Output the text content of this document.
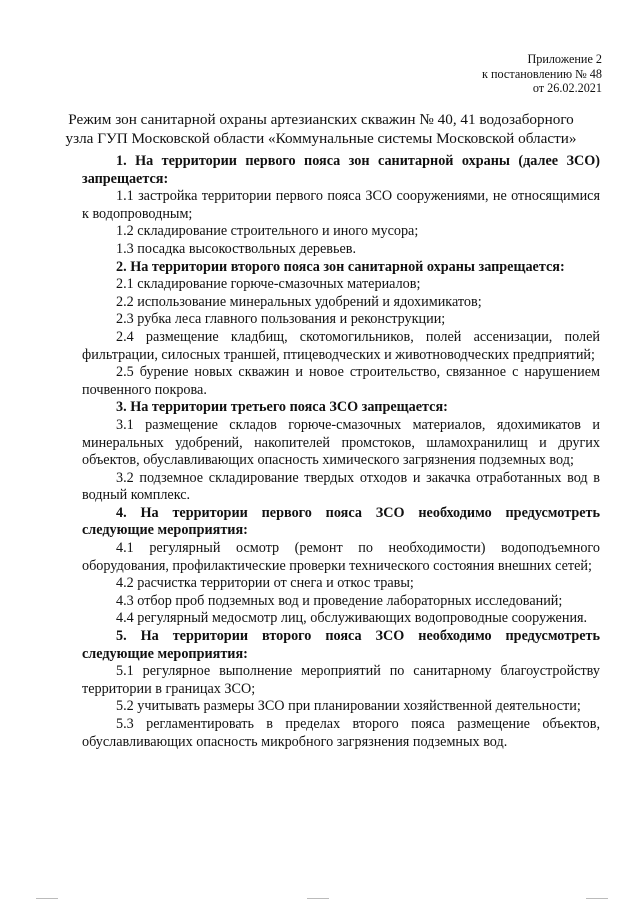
Приложение 2
к постановлению № 48
от 26.02.2021
Режим зон санитарной охраны артезианских скважин № 40, 41 водозаборного
узла ГУП Московской области «Коммунальные системы Московской области»

1. На территории первого пояса зон санитарной охраны (далее ЗСО) запрещается:

1.1 застройка территории первого пояса ЗСО сооружениями, не относящимися к водопроводным;

1.2 складирование строительного и иного мусора;

1.3 посадка высокоствольных деревьев.

2. На территории второго пояса зон санитарной охраны запрещается:

2.1 складирование горюче-смазочных материалов;

2.2 использование минеральных удобрений и ядохимикатов;

2.3 рубка леса главного пользования и реконструкции;

2.4 размещение кладбищ, скотомогильников, полей ассенизации, полей фильтрации, силосных траншей, птицеводческих и животноводческих предприятий;

2.5 бурение новых скважин и новое строительство, связанное с нарушением почвенного покрова.

3. На территории третьего пояса ЗСО запрещается:

3.1 размещение складов горюче-смазочных материалов, ядохимикатов и минеральных удобрений, накопителей промстоков, шламохранилищ и других объектов, обуславливающих опасность химического загрязнения подземных вод;

3.2 подземное складирование твердых отходов и закачка отработанных вод в водный комплекс.

4. На территории первого пояса ЗСО необходимо предусмотреть следующие мероприятия:

4.1 регулярный осмотр (ремонт по необходимости) водоподъемного оборудования, профилактические проверки технического состояния внешних сетей;

4.2 расчистка территории от снега и откос травы;

4.3 отбор проб подземных вод и проведение лабораторных исследований;

4.4 регулярный медосмотр лиц, обслуживающих водопроводные сооружения.

5. На территории второго пояса ЗСО необходимо предусмотреть следующие мероприятия:

5.1 регулярное выполнение мероприятий по санитарному благоустройству территории в границах ЗСО;

5.2 учитывать размеры ЗСО при планировании хозяйственной деятельности;

5.3 регламентировать в пределах второго пояса размещение объектов, обуславливающих опасность микробного загрязнения подземных вод.
